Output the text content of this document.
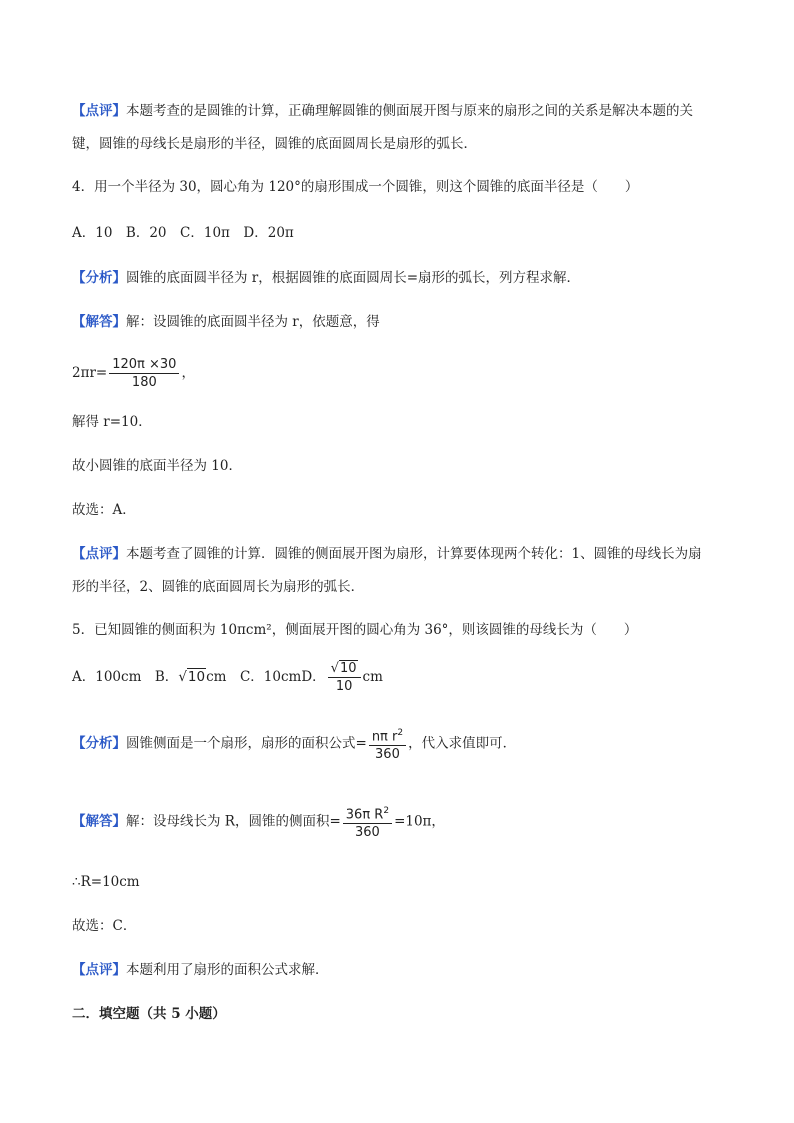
【点评】本题考查的是圆锥的计算，正确理解圆锥的侧面展开图与原来的扇形之间的关系是解决本题的关
键，圆锥的母线长是扇形的半径，圆锥的底面圆周长是扇形的弧长．
4．用一个半径为 30，圆心角为 120°的扇形围成一个圆锥，则这个圆锥的底面半径是（　　）
A．10　B．20　C．10π　D．20π
【分析】圆锥的底面圆半径为 r，根据圆锥的底面圆周长=扇形的弧长，列方程求解．
【解答】解：设圆锥的底面圆半径为 r，依题意，得
$2\pi r= \frac{120\pi \times 30}{180}$ ，
解得 r=10．
故小圆锥的底面半径为 10．
故选：A．
【点评】本题考查了圆锥的计算．圆锥的侧面展开图为扇形，计算要体现两个转化：1、圆锥的母线长为扇
形的半径，2、圆锥的底面圆周长为扇形的弧长．
5．已知圆锥的侧面积为 10πcm²，侧面展开图的圆心角为 36°，则该圆锥的母线长为（　　）
A．100cm　B．√10cm　C．10cmD． $\frac{√10}{10}$ cm
【分析】圆锥侧面是一个扇形，扇形的面积公式= $\frac{n\pi r^2}{360}$ ，代入求值即可．
【解答】解：设母线长为 R，圆锥的侧面积= $\frac{36\pi R^2}{360} =10\pi$，
∴R=10cm
故选：C．
【点评】本题利用了扇形的面积公式求解．
二．填空题（共 5 小题）
